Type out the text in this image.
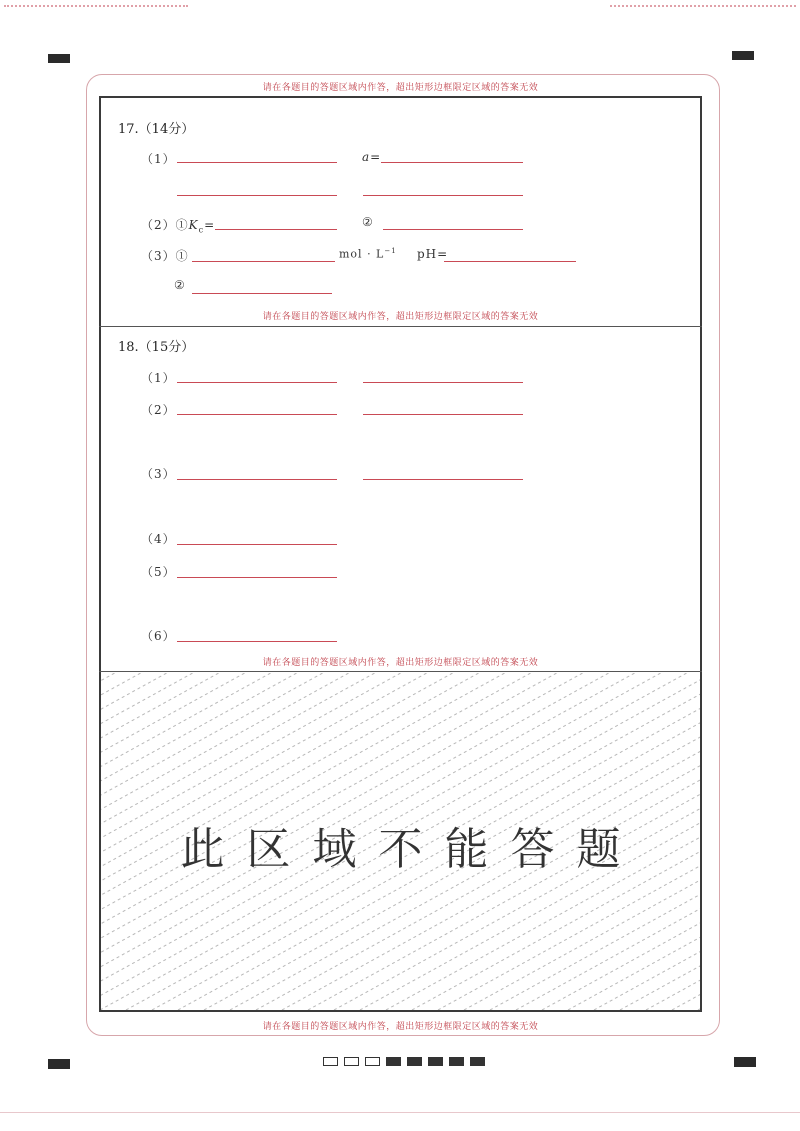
请在各题目的答题区域内作答，超出矩形边框限定区域的答案无效
请在各题目的答题区域内作答，超出矩形边框限定区域的答案无效
请在各题目的答题区域内作答，超出矩形边框限定区域的答案无效
请在各题目的答题区域内作答，超出矩形边框限定区域的答案无效
17.（14分）
（1）	a=
$(2)①K_c=$	②
（3）①	mol · $L^{-1}$ pH=
②
18.（15分）
（1）
（2）
（3）
（4）
（5）
（6）
此区域不能答题
